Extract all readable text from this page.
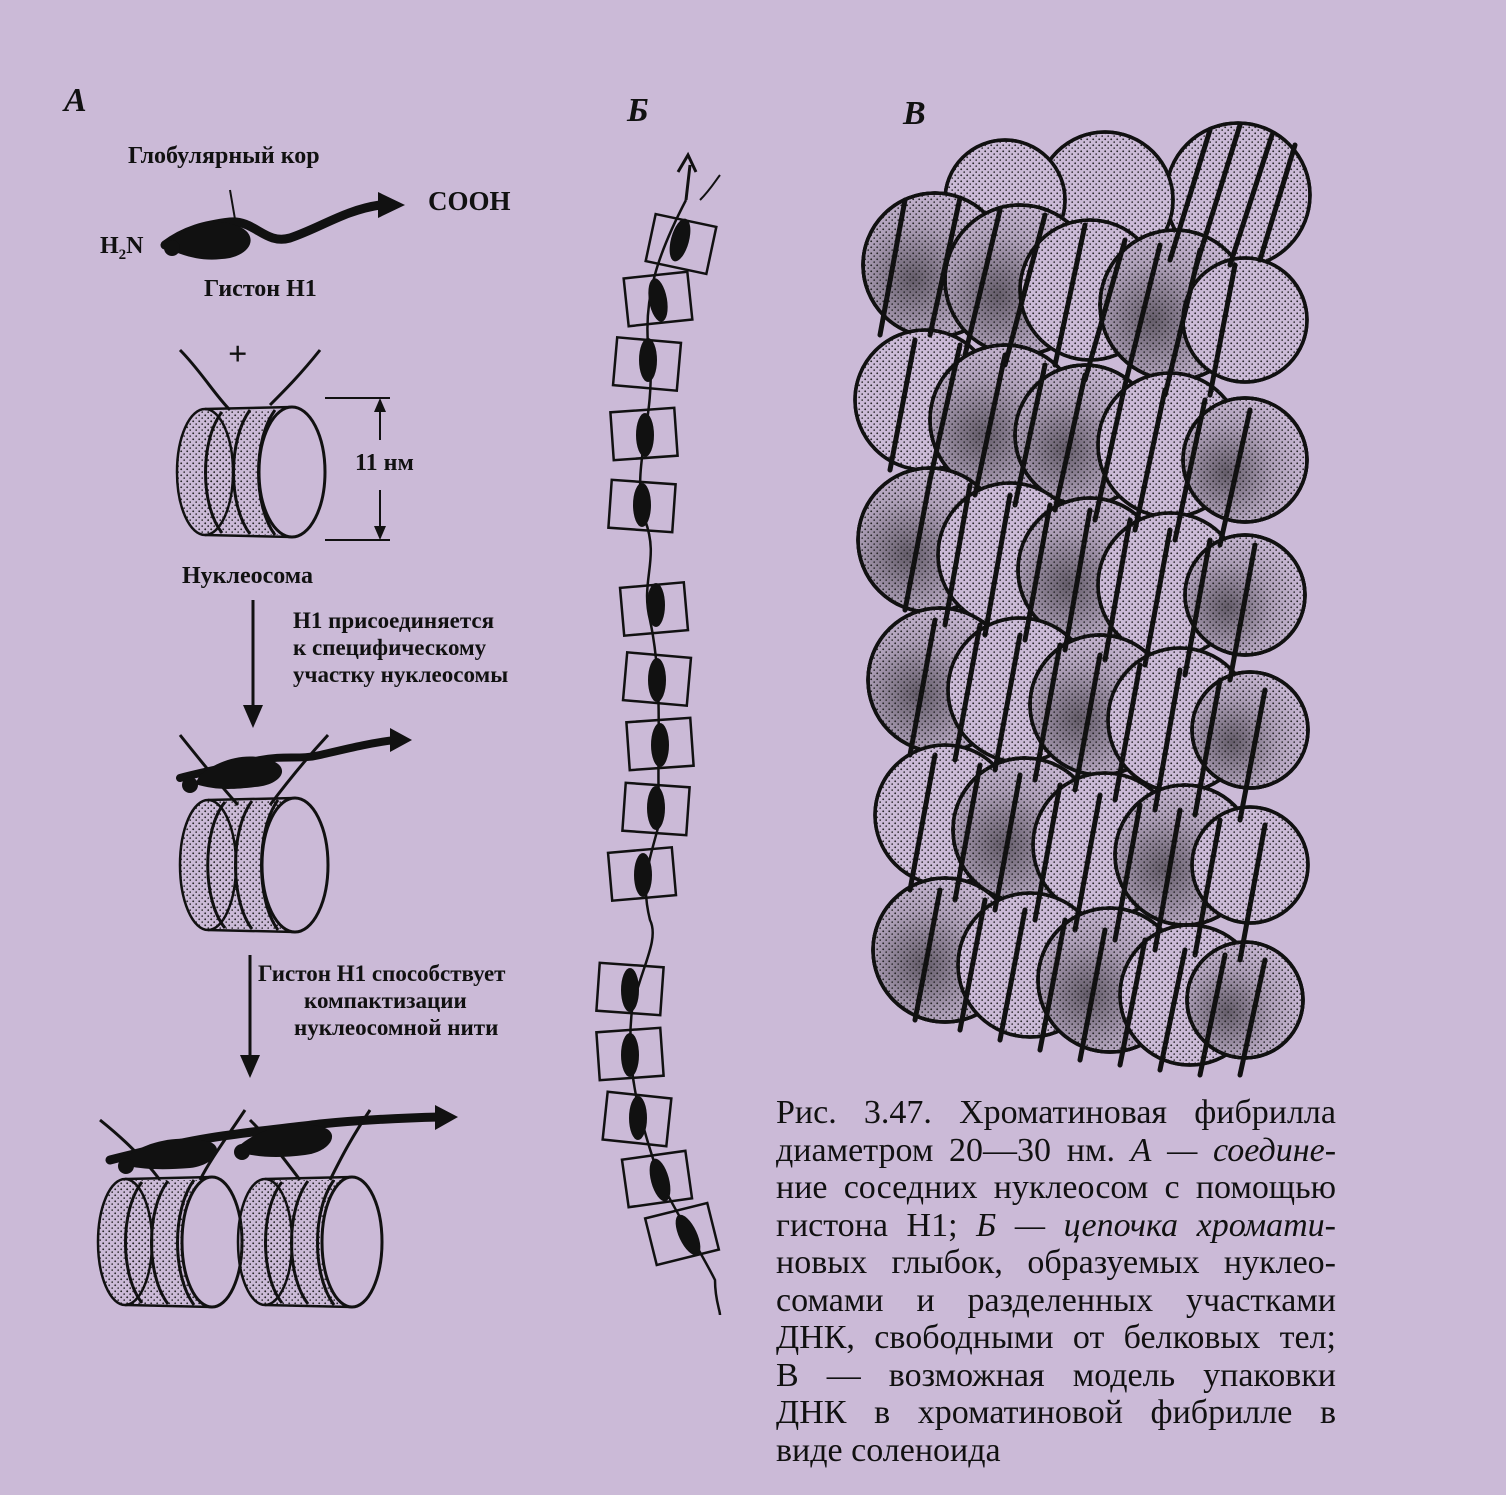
А	Б	В
Глобулярный кор
COOH
$H_2N$
Гистон H1
+
11 нм
Нуклеосома
H1 присоединяется
к специфическому
участку нуклеосомы
Гистон H1 способствует
компактизации
нуклеосомной нити
Рис. 3.47. Хроматиновая фибрилла
диаметром 20—30 нм. А — соедине-
ние соседних нуклеосом с помощью
гистона H1; Б — цепочка хромати-
новых глыбок, образуемых нуклео-
сомами и разделенных участками
ДНК, свободными от белковых тел;
В — возможная модель упаковки
ДНК в хроматиновой фибрилле в
виде соленоида
